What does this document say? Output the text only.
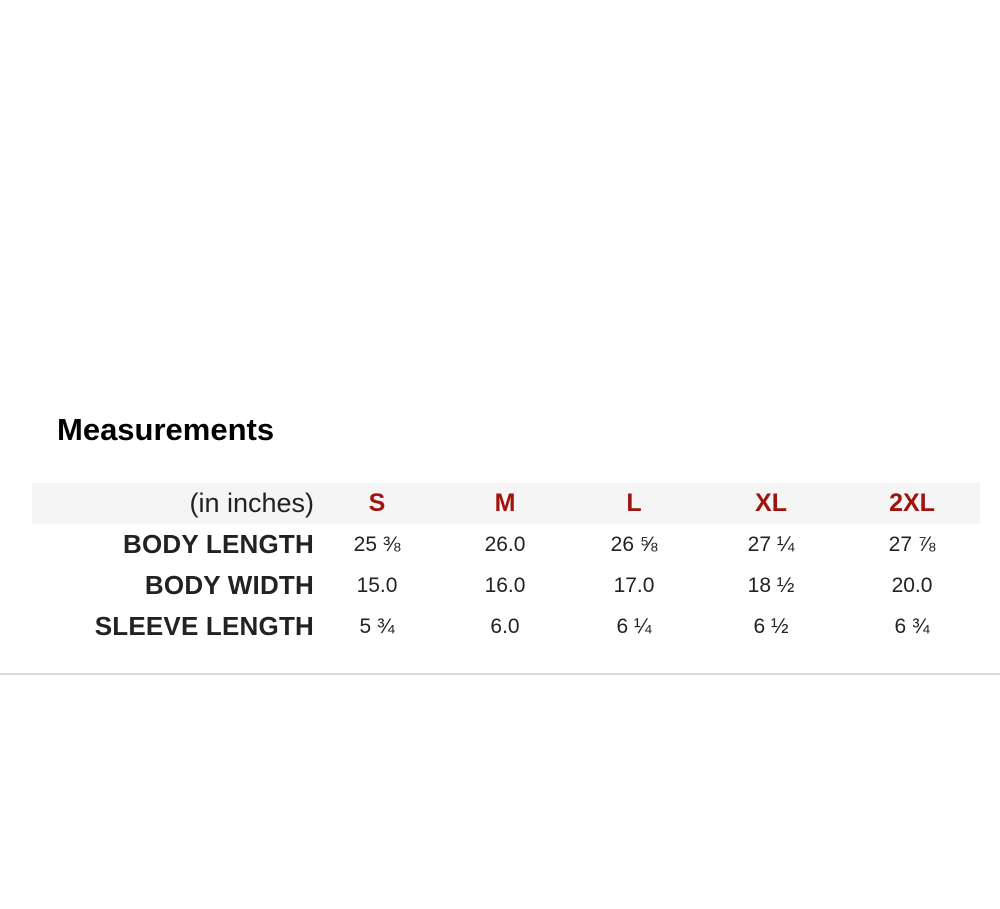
Measurements
(in inches)	S	M	L	XL	2XL
BODY LENGTH	25 ⅜	26.0	26 ⅝	27 ¼	27 ⅞
BODY WIDTH	15.0	16.0	17.0	18 ½	20.0
SLEEVE LENGTH	5 ¾	6.0	6 ¼	6 ½	6 ¾
